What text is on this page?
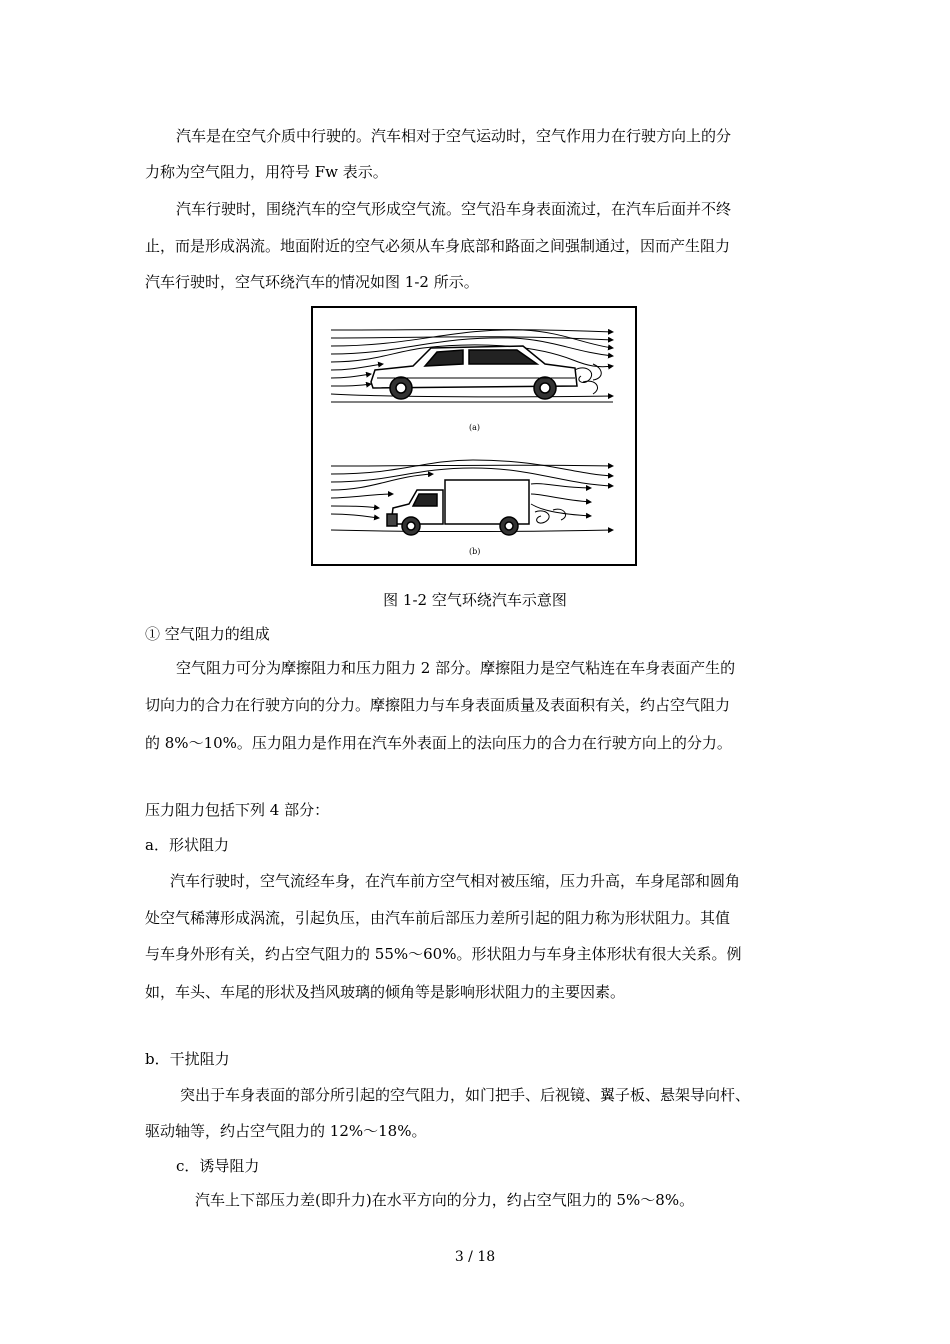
汽车是在空气介质中行驶的。汽车相对于空气运动时，空气作用力在行驶方向上的分
力称为空气阻力，用符号 Fw 表示。
汽车行驶时，围绕汽车的空气形成空气流。空气沿车身表面流过，在汽车后面并不终
止，而是形成涡流。地面附近的空气必须从车身底部和路面之间强制通过，因而产生阻力
汽车行驶时，空气环绕汽车的情况如图 1-2 所示。
(a)
(b)
图 1-2 空气环绕汽车示意图
① 空气阻力的组成
空气阻力可分为摩擦阻力和压力阻力 2 部分。摩擦阻力是空气粘连在车身表面产生的
切向力的合力在行驶方向的分力。摩擦阻力与车身表面质量及表面积有关，约占空气阻力
的 8%～10%。压力阻力是作用在汽车外表面上的法向压力的合力在行驶方向上的分力。
压力阻力包括下列 4 部分：
a．形状阻力
汽车行驶时，空气流经车身，在汽车前方空气相对被压缩，压力升高，车身尾部和圆角
处空气稀薄形成涡流，引起负压，由汽车前后部压力差所引起的阻力称为形状阻力。其值
与车身外形有关，约占空气阻力的 55%～60%。形状阻力与车身主体形状有很大关系。例
如，车头、车尾的形状及挡风玻璃的倾角等是影响形状阻力的主要因素。
b．干扰阻力
突出于车身表面的部分所引起的空气阻力，如门把手、后视镜、翼子板、悬架导向杆、
驱动轴等，约占空气阻力的 12%～18%。
c．诱导阻力
汽车上下部压力差(即升力)在水平方向的分力，约占空气阻力的 5%～8%。
3 / 18
